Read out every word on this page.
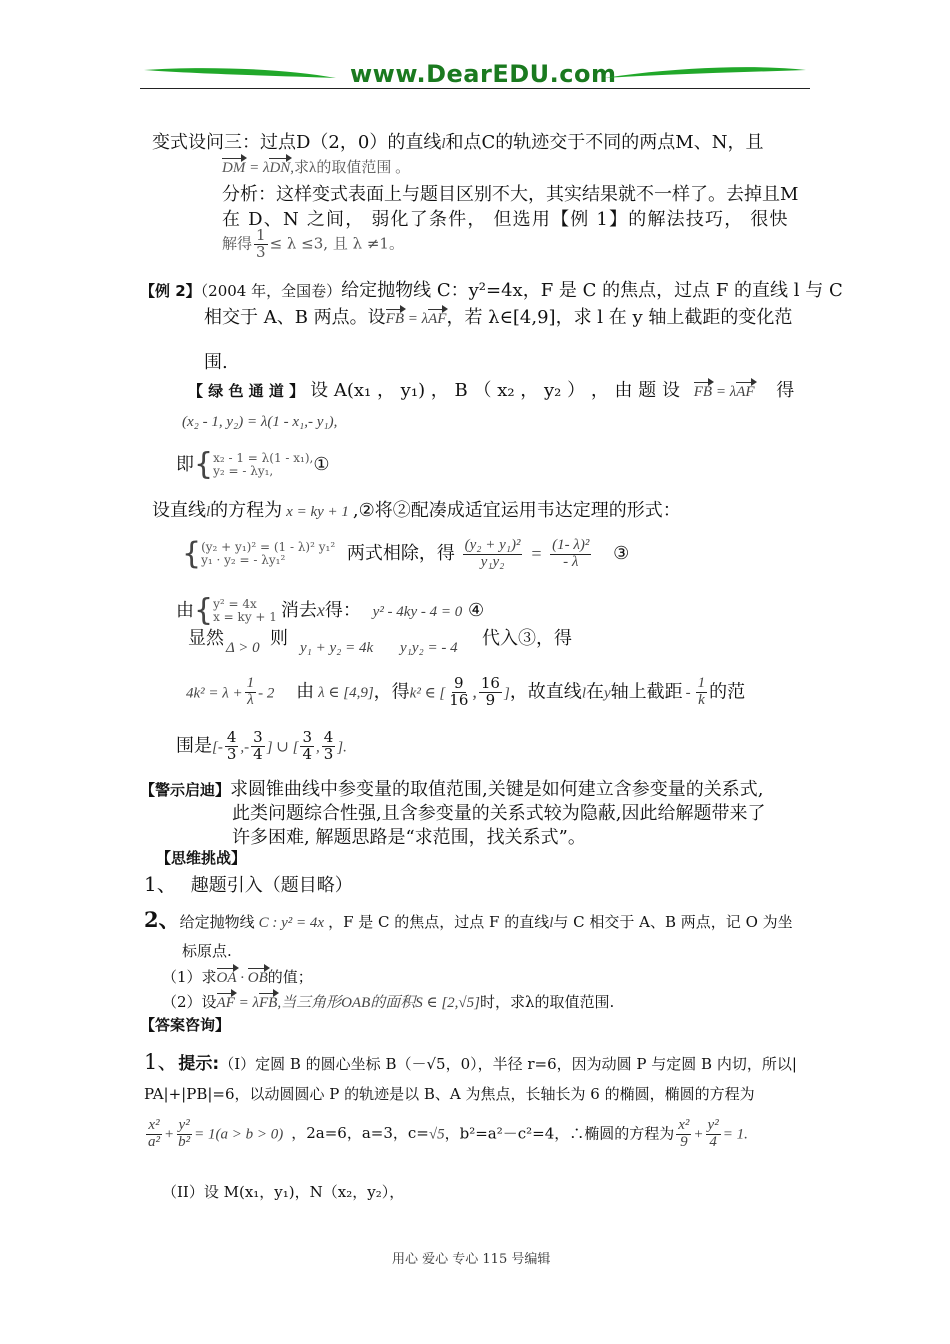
www.DearEDU.com
变式设问三：过点D（2，0）的直线l和点C的轨迹交于不同的两点M、N，且
DM = λDN,求λ的取值范围 。
分析：这样变式表面上与题目区别不大，其实结果就不一样了。去掉且M
在 D、N 之间， 弱化了条件， 但选用【例 1】的解法技巧， 很快
解得 $\frac{1}{3} \le \lambda \le 3$, 且 λ ≠1。
【例 2】（2004 年，全国卷）给定抛物线 C：y²=4x，F 是 C 的焦点，过点 F 的直线 l 与 C
相交于 A、B 两点。设FB = λAF，若 λ∈[4,9]，求 l 在 y 轴上截距的变化范
围.
【 绿 色 通 道 】 设 A(x₁ ， y₁) ， B （ x₂ ， y₂ ） ， 由 题 设 FB = λAF 得
(x₂ - 1, y₂) = λ(1 - x₁,- y₁),
即{ x₂ - 1 = λ(1 - x₁),
y₂ = - λy₁,	①
设直线l的方程为 x = ky + 1 ,②将②配凑成适宜运用韦达定理的形式：
{ (y₂ + y₁)² = (1 - λ)² y₁²
y₁ · y₂ = - λy₁²	两式相除，得 $\frac{\text{(y₂ + y₁)²}}{\text{y₁y₂}} = \frac{\text{(1- λ)²}}{- \lambda}$ ③
由{ y² = 4x
x = ky + 1 消去x得： y² - 4ky - 4 = 0 ④
显然 Δ > 0 则 y₁ + y₂ = 4k y₁y₂ = - 4 代入③，得
$4k^2 = \lambda + \frac{1}{\lambda} - 2$ 由 λ ∈ [4,9]，得k² ∈ [ $\frac{9}{16}$ , $\frac{16}{9}$ ]，故直线l在y轴上截距 - $\frac{1}{k}$ 的范
围是[- $\frac{4}{3}$ ,- $\frac{3}{4}$ ] ∪ [ $\frac{3}{4}$ , $\frac{4}{3}$ ].
【警示启迪】求圆锥曲线中参变量的取值范围,关键是如何建立含参变量的关系式,
此类问题综合性强,且含参变量的关系式较为隐蔽,因此给解题带来了
许多困难, 解题思路是“求范围，找关系式”。
【思维挑战】
1、 趣题引入（题目略）
2、给定抛物线 C : y² = 4x ，F 是 C 的焦点，过点 F 的直线l与 C 相交于 A、B 两点，记 O 为坐
标原点.
（1）求OA · OB的值；
（2）设AF = λFB,当三角形OAB的面积S ∈ [2,√5]时，求λ的取值范围.
【答案咨询】
1、提示:（I）定圆 B 的圆心坐标 B（－√5，0），半径 r=6，因为动圆 P 与定圆 B 内切，所以|
PA|+|PB|=6，以动圆圆心 P 的轨迹是以 B、A 为焦点，长轴长为 6 的椭圆，椭圆的方程为
$\frac{\text{x²}}{\text{a²}} + \frac{\text{y²}}{\text{b²}} = 1(a > b > 0)$ ，2a=6，a=3，c=√5，b²=a²－c²=4，∴椭圆的方程为 $\frac{\text{x²}}{9} + \frac{\text{y²}}{4} = 1$.
（II）设 M(x₁，y₁)，N（x₂，y₂），
用心 爱心 专心 115 号编辑
